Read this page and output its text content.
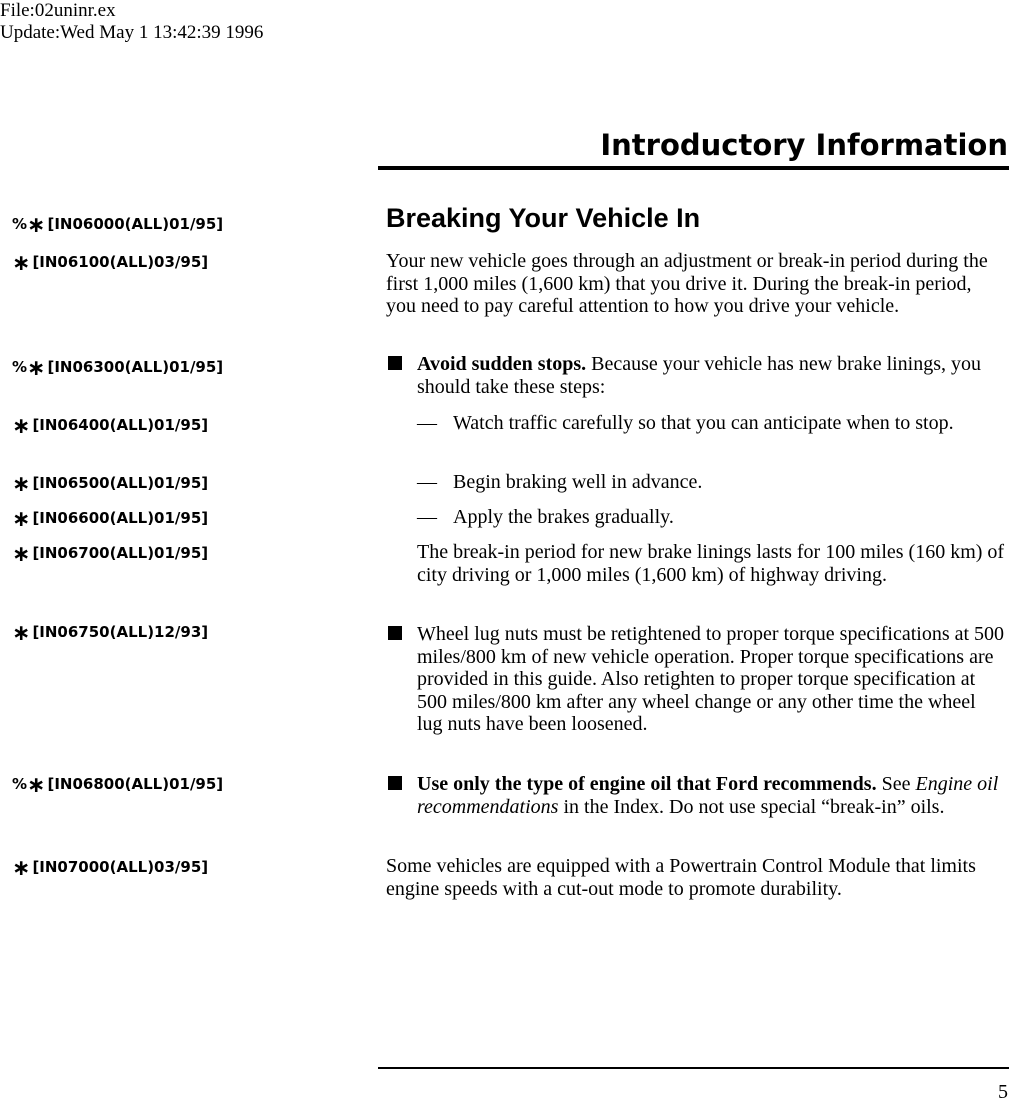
File:02uninr.ex
Update:Wed May 1 13:42:39 1996
Introductory Information
%∗ [IN06000(ALL)01/95]
∗ [IN06100(ALL)03/95]
%∗ [IN06300(ALL)01/95]
∗ [IN06400(ALL)01/95]
∗ [IN06500(ALL)01/95]
∗ [IN06600(ALL)01/95]
∗ [IN06700(ALL)01/95]
∗ [IN06750(ALL)12/93]
%∗ [IN06800(ALL)01/95]
∗ [IN07000(ALL)03/95]
Breaking Your Vehicle In
Your new vehicle goes through an adjustment or break-in period during the first 1,000 miles (1,600 km) that you drive it. During the break-in period, you need to pay careful attention to how you drive your vehicle.
Avoid sudden stops. Because your vehicle has new brake linings, you should take these steps:
— Watch traffic carefully so that you can anticipate when to stop.
— Begin braking well in advance.
— Apply the brakes gradually.
The break-in period for new brake linings lasts for 100 miles (160 km) of city driving or 1,000 miles (1,600 km) of highway driving.
Wheel lug nuts must be retightened to proper torque specifications at 500 miles/800 km of new vehicle operation. Proper torque specifications are provided in this guide. Also retighten to proper torque specification at 500 miles/800 km after any wheel change or any other time the wheel lug nuts have been loosened.
Use only the type of engine oil that Ford recommends. See Engine oil recommendations in the Index. Do not use special “break-in” oils.
Some vehicles are equipped with a Powertrain Control Module that limits engine speeds with a cut-out mode to promote durability.
5
